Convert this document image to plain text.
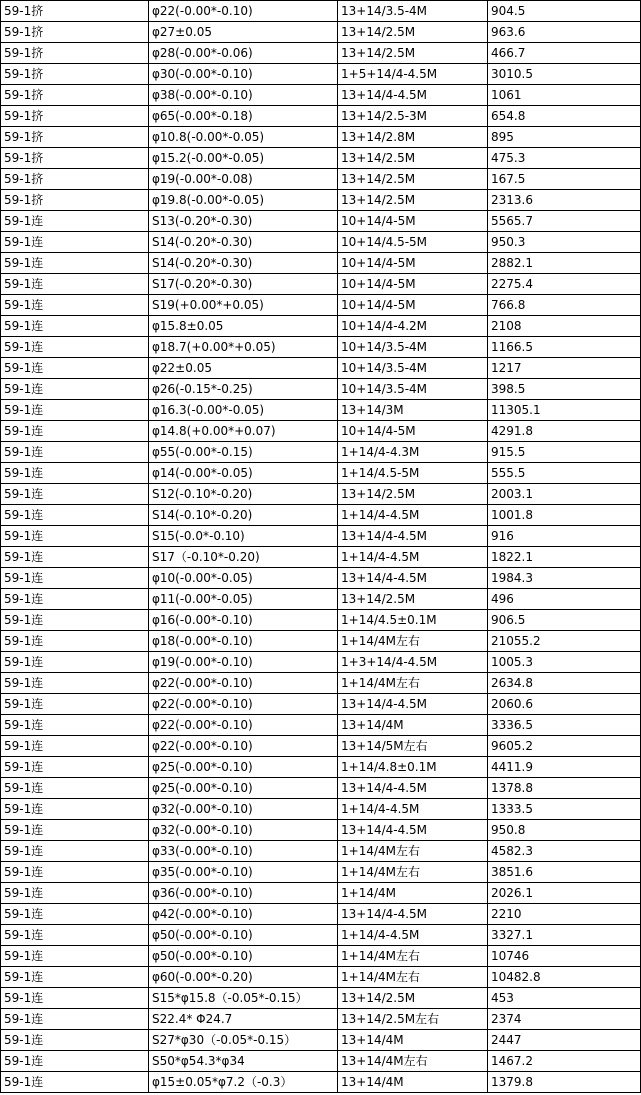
59-1挤	φ22(-0.00*-0.10)	13+14/3.5-4M	904.5
59-1挤	φ27±0.05	13+14/2.5M	963.6
59-1挤	φ28(-0.00*-0.06)	13+14/2.5M	466.7
59-1挤	φ30(-0.00*-0.10)	1+5+14/4-4.5M	3010.5
59-1挤	φ38(-0.00*-0.10)	13+14/4-4.5M	1061
59-1挤	φ65(-0.00*-0.18)	13+14/2.5-3M	654.8
59-1挤	φ10.8(-0.00*-0.05)	13+14/2.8M	895
59-1挤	φ15.2(-0.00*-0.05)	13+14/2.5M	475.3
59-1挤	φ19(-0.00*-0.08)	13+14/2.5M	167.5
59-1挤	φ19.8(-0.00*-0.05)	13+14/2.5M	2313.6
59-1连	S13(-0.20*-0.30)	10+14/4-5M	5565.7
59-1连	S14(-0.20*-0.30)	10+14/4.5-5M	950.3
59-1连	S14(-0.20*-0.30)	10+14/4-5M	2882.1
59-1连	S17(-0.20*-0.30)	10+14/4-5M	2275.4
59-1连	S19(+0.00*+0.05)	10+14/4-5M	766.8
59-1连	φ15.8±0.05	10+14/4-4.2M	2108
59-1连	φ18.7(+0.00*+0.05)	10+14/3.5-4M	1166.5
59-1连	φ22±0.05	10+14/3.5-4M	1217
59-1连	φ26(-0.15*-0.25)	10+14/3.5-4M	398.5
59-1连	φ16.3(-0.00*-0.05)	13+14/3M	11305.1
59-1连	φ14.8(+0.00*+0.07)	10+14/4-5M	4291.8
59-1连	φ55(-0.00*-0.15)	1+14/4-4.3M	915.5
59-1连	φ14(-0.00*-0.05)	1+14/4.5-5M	555.5
59-1连	S12(-0.10*-0.20)	13+14/2.5M	2003.1
59-1连	S14(-0.10*-0.20)	1+14/4-4.5M	1001.8
59-1连	S15(-0.0*-0.10)	13+14/4-4.5M	916
59-1连	S17（-0.10*-0.20)	1+14/4-4.5M	1822.1
59-1连	φ10(-0.00*-0.05)	13+14/4-4.5M	1984.3
59-1连	φ11(-0.00*-0.05)	13+14/2.5M	496
59-1连	φ16(-0.00*-0.10)	1+14/4.5±0.1M	906.5
59-1连	φ18(-0.00*-0.10)	1+14/4M左右	21055.2
59-1连	φ19(-0.00*-0.10)	1+3+14/4-4.5M	1005.3
59-1连	φ22(-0.00*-0.10)	1+14/4M左右	2634.8
59-1连	φ22(-0.00*-0.10)	13+14/4-4.5M	2060.6
59-1连	φ22(-0.00*-0.10)	13+14/4M	3336.5
59-1连	φ22(-0.00*-0.10)	13+14/5M左右	9605.2
59-1连	φ25(-0.00*-0.10)	1+14/4.8±0.1M	4411.9
59-1连	φ25(-0.00*-0.10)	13+14/4-4.5M	1378.8
59-1连	φ32(-0.00*-0.10)	1+14/4-4.5M	1333.5
59-1连	φ32(-0.00*-0.10)	13+14/4-4.5M	950.8
59-1连	φ33(-0.00*-0.10)	1+14/4M左右	4582.3
59-1连	φ35(-0.00*-0.10)	1+14/4M左右	3851.6
59-1连	φ36(-0.00*-0.10)	1+14/4M	2026.1
59-1连	φ42(-0.00*-0.10)	13+14/4-4.5M	2210
59-1连	φ50(-0.00*-0.10)	1+14/4-4.5M	3327.1
59-1连	φ50(-0.00*-0.10)	1+14/4M左右	10746
59-1连	φ60(-0.00*-0.20)	1+14/4M左右	10482.8
59-1连	S15*φ15.8（-0.05*-0.15）	13+14/2.5M	453
59-1连	S22.4* Φ24.7	13+14/2.5M左右	2374
59-1连	S27*φ30（-0.05*-0.15）	13+14/4M	2447
59-1连	S50*φ54.3*φ34	13+14/4M左右	1467.2
59-1连	φ15±0.05*φ7.2（-0.3）	13+14/4M	1379.8
